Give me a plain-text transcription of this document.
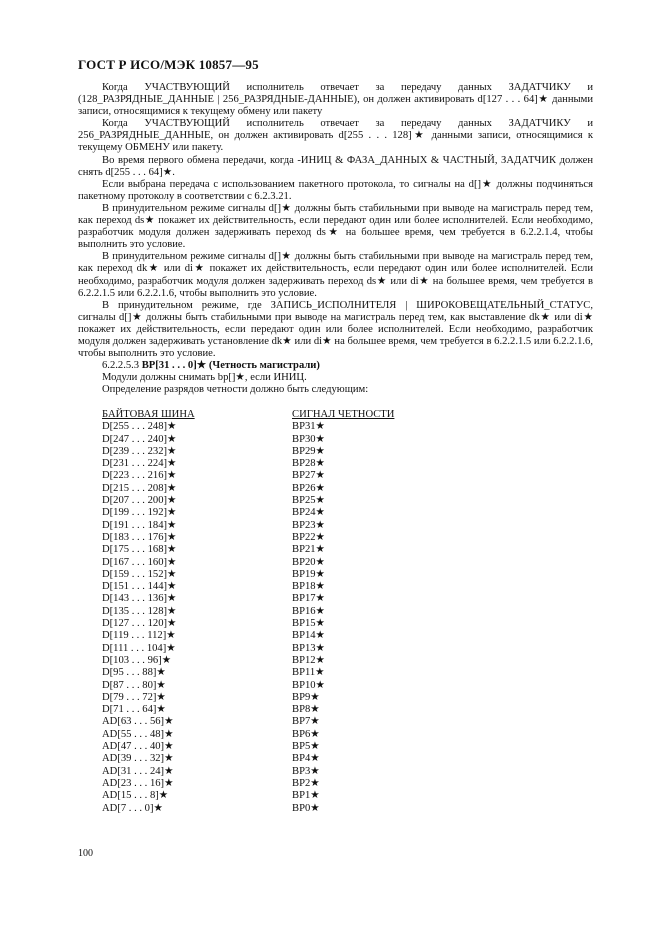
ГОСТ Р ИСО/МЭК 10857—95

Когда УЧАСТВУЮЩИЙ исполнитель отвечает за передачу данных ЗАДАТЧИКУ и (128_РАЗРЯДНЫЕ_ДАННЫЕ | 256_РАЗРЯДНЫЕ-ДАННЫЕ), он должен активировать d[127 . . . 64]★ данными записи, относящимися к текущему обмену или пакету

Когда УЧАСТВУЮЩИЙ исполнитель отвечает за передачу данных ЗАДАТЧИКУ и 256_РАЗРЯДНЫЕ_ДАННЫЕ, он должен активировать d[255 . . . 128]★ данными записи, относящимися к текущему ОБМЕНУ или пакету.

Во время первого обмена передачи, когда -ИНИЦ & ФАЗА_ДАННЫХ & ЧАСТНЫЙ, ЗАДАТЧИК должен снять d[255 . . . 64]★.

Если выбрана передача с использованием пакетного протокола, то сигналы на d[]★ должны подчиняться пакетному протоколу в соответствии с 6.2.3.21.

В принудительном режиме сигналы d[]★ должны быть стабильными при выводе на магистраль перед тем, как переход ds★ покажет их действительность, если передают один или более исполнителей. Если необходимо, разработчик модуля должен задерживать переход ds★ на большее время, чем требуется в 6.2.2.1.4, чтобы выполнить это условие.

В принудительном режиме сигналы d[]★ должны быть стабильными при выводе на магистраль перед тем, как переход dk★ или di★ покажет их действительность, если передают один или более исполнителей. Если необходимо, разработчик модуля должен задерживать переход ds★ или di★ на большее время, чем требуется в 6.2.2.1.5 или 6.2.2.1.6, чтобы выполнить это условие.

В принудительном режиме, где ЗАПИСЬ_ИСПОЛНИТЕЛЯ | ШИРОКОВЕЩАТЕЛЬНЫЙ_СТАТУС, сигналы d[]★ должны быть стабильными при выводе на магистраль перед тем, как выставление dk★ или di★ покажет их действительность, если передают один или более исполнителей. Если необходимо, разработчик модуля должен задерживать установление dk★ или di★ на большее время, чем требуется в 6.2.2.1.5 или 6.2.2.1.6, чтобы выполнить это условие.

6.2.2.5.3 BP[31 . . . 0]★ (Четность магистрали)

Модули должны снимать bp[]★, если ИНИЦ.

Определение разрядов четности должно быть следующим:

БАЙТОВАЯ ШИНА	СИГНАЛ ЧЕТНОСТИ
D[255 . . . 248]★	BP31★
D[247 . . . 240]★	BP30★
D[239 . . . 232]★	BP29★
D[231 . . . 224]★	BP28★
D[223 . . . 216]★	BP27★
D[215 . . . 208]★	BP26★
D[207 . . . 200]★	BP25★
D[199 . . . 192]★	BP24★
D[191 . . . 184]★	BP23★
D[183 . . . 176]★	BP22★
D[175 . . . 168]★	BP21★
D[167 . . . 160]★	BP20★
D[159 . . . 152]★	BP19★
D[151 . . . 144]★	BP18★
D[143 . . . 136]★	BP17★
D[135 . . . 128]★	BP16★
D[127 . . . 120]★	BP15★
D[119 . . . 112]★	BP14★
D[111 . . . 104]★	BP13★
D[103 . . . 96]★	BP12★
D[95 . . . 88]★	BP11★
D[87 . . . 80]★	BP10★
D[79 . . . 72]★	BP9★
D[71 . . . 64]★	BP8★
AD[63 . . . 56]★	BP7★
AD[55 . . . 48]★	BP6★
AD[47 . . . 40]★	BP5★
AD[39 . . . 32]★	BP4★
AD[31 . . . 24]★	BP3★
AD[23 . . . 16]★	BP2★
AD[15 . . . 8]★	BP1★
AD[7 . . . 0]★	BP0★
100
